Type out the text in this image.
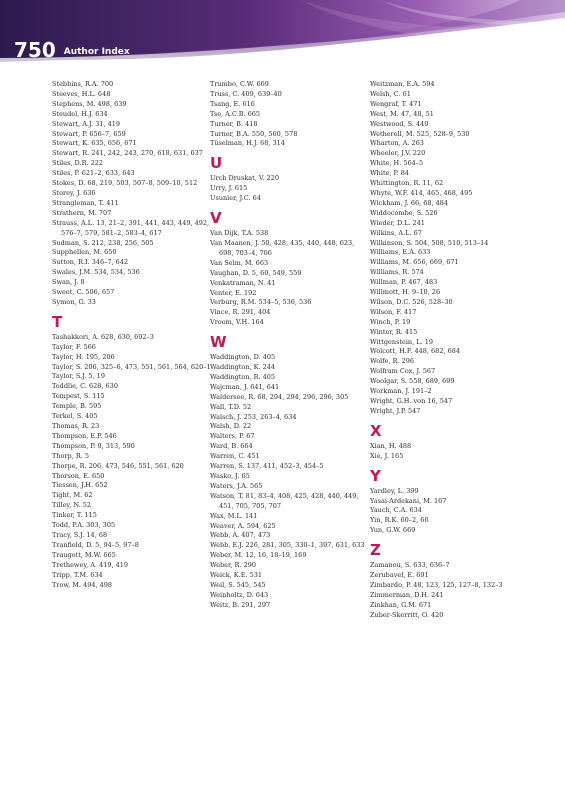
750 Author Index
Stebbins, R.A. 700
Steeves, H.L. 648
Stephens, M. 498, 639
Steudel, H.J. 634
Stewart, A.J. 31, 419
Stewart, P. 656–7, 659
Stewart, K. 635, 656, 671
Stewart, R. 241, 242, 243, 270, 618, 631, 637
Stiles, D.R. 222
Stiles, P. 621–2, 633, 643
Stokes, D. 68, 219, 503, 507–8, 509–10, 512
Storey, J. 636
Strangleman, T. 411
Strathern, M. 707
Strauss, A.L. 13, 21–2, 391, 441, 443, 449, 492, 576–7, 579, 581–2, 583–4, 617
Sudman, S. 212, 238, 256, 505
Supphellen, M. 650
Sutton, R.I. 346–7, 642
Swales, J.M. 534, 534, 536
Swan, J. 8
Sweet, C. 506, 657
Symon, G. 33
T
Tashakkori, A. 628, 630, 692–3
Taylor, F. 566
Taylor, H. 195, 206
Taylor, S. 206, 325–6, 473, 551, 561, 564, 620–1
Taylor, S.J. 5, 19
Teddlie, C. 628, 630
Tempest, S. 115
Temple, B. 595
Terkel, S. 405
Thomas, R. 23
Thompson, E.P. 546
Thompson, P. 9, 313, 590
Thorp, R. 5
Thorpe, R. 206, 473, 546, 551, 561, 620
Thorson, E. 650
Tiessen, J.H. 652
Tight, M. 62
Tilley, N. 52
Tinker, T. 115
Todd, P.A. 303, 305
Tracy, S.J. 14, 68
Tranfield, D. 5, 94–5, 97–8
Traugott, M.W. 665
Trethewey, A. 419, 419
Tripp, T.M. 634
Trow, M. 494, 498
Trumbo, C.W. 669
Truss, C. 409, 639–40
Tsang, E. 616
Tse, A.C.B. 665
Turner, B. 418
Turner, B.A. 550, 560, 578
Tüselman, H.J. 68, 314
U
Urch Druskat, V. 220
Urry, J. 615
Usunier, J.C. 64
V
Van Dijk, T.A. 538
Van Maanen, J. 50, 428, 435, 440, 448, 623, 698, 703–4, 706
Van Selm, M. 663
Vaughan, D. 5, 60, 549, 559
Venkatraman, N. 41
Venter, E. 192
Verburg, R.M. 534–5, 536, 536
Vince, R. 291, 404
Vroom, V.H. 164
W
Waddington, D. 405
Waddington, K. 244
Waddington, R. 405
Wajcman, J. 641, 641
Waldersee, R. 68, 294, 294, 296, 296, 305
Wall, T.D. 52
Walsch, J. 253, 263–4, 634
Walsh, D. 22
Walters, P. 67
Ward, B. 664
Warren, C. 451
Warren, S. 137, 411, 452–3, 454–5
Wasko, J. 65
Waters, J.A. 565
Watson, T. 81, 83–4, 408, 425, 428, 440, 449, 451, 705, 705, 707
Wax, M.L. 141
Weaver, A. 594, 625
Webb, A. 407, 473
Webb, E.J. 226, 281, 305, 330–1, 397, 631, 633
Weber, M. 12, 16, 18–19, 169
Weber, R. 290
Weick, K.E. 531
Weil, S. 545, 545
Weinholtz, D. 643
Weitz, B. 291, 297
Weitzman, E.A. 594
Welsh, C. 61
Wengraf, T. 471
West, M. 47, 48, 51
Westwood, S. 449
Wetherell, M. 525, 528–9, 530
Wharton, A. 263
Wheeler, J.V. 220
White, H. 564–5
White, P. 84
Whittington, R. 11, 62
Whyte, W.F. 414, 465, 468, 495
Wickham, J. 66, 68, 484
Widdocombe, S. 526
Wieder, D.L. 241
Wilkins, A.L. 67
Wilkinson, S. 504, 508, 510, 513–14
Williams, E.A. 633
Williams, M. 656, 669, 671
Williams, R. 574
Willman, P. 467, 483
Willmott, H. 9–10, 26
Wilson, D.C. 526, 528–30
Wilson, F. 417
Winch, P. 19
Winter, R. 415
Wittgenstein, L. 19
Wolcott, H.F. 448, 682, 684
Wolfe, R. 296
Wolfram Cox, J. 567
Woolgar, S. 558, 689, 699
Workman, J. 191–2
Wright, G.H. von 16, 547
Wright, J.P. 547
X
Xian, H. 488
Xie, J. 165
Y
Yardley, L. 399
Yasai-Ardekani, M. 167
Yauch, C.A. 634
Yin, R.K. 60–2, 66
Yun, G.W. 669
Z
Zamanou, S. 633, 636–7
Zerubavel, E. 691
Zimbardo, P. 48, 123, 125, 127–8, 132–3
Zimmerman, D.H. 241
Zinkhan, G.M. 671
Zuber-Skerritt, O. 420
